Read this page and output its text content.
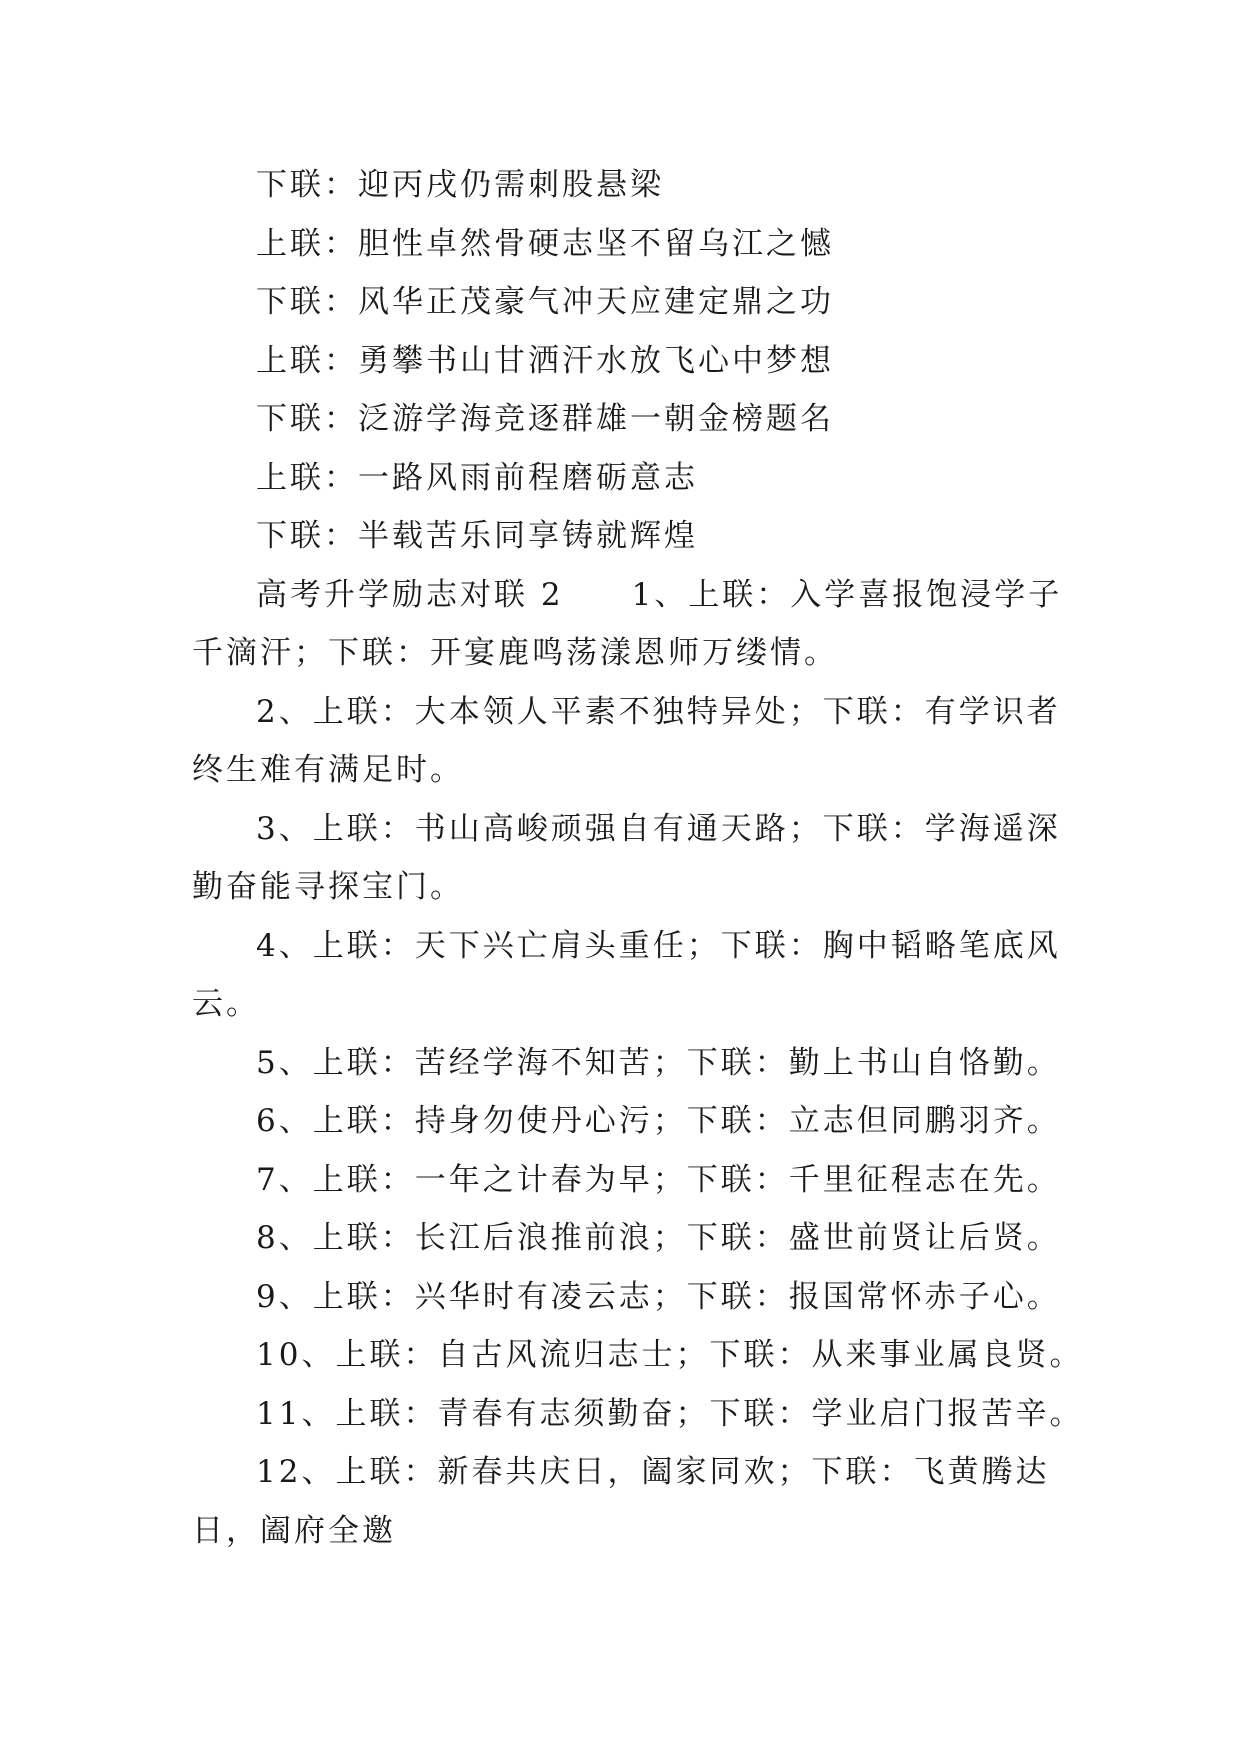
下联：迎丙戌仍需刺股悬梁

上联：胆性卓然骨硬志坚不留乌江之憾

下联：风华正茂豪气冲天应建定鼎之功

上联：勇攀书山甘洒汗水放飞心中梦想

下联：泛游学海竞逐群雄一朝金榜题名

上联：一路风雨前程磨砺意志

下联：半载苦乐同享铸就辉煌

高考升学励志对联 2　　1、上联：入学喜报饱浸学子千滴汗；下联：开宴鹿鸣荡漾恩师万缕情。

2、上联：大本领人平素不独特异处；下联：有学识者终生难有满足时。

3、上联：书山高峻顽强自有通天路；下联：学海遥深勤奋能寻探宝门。

4、上联：天下兴亡肩头重任；下联：胸中韬略笔底风云。

5、上联：苦经学海不知苦；下联：勤上书山自恪勤。

6、上联：持身勿使丹心污；下联：立志但同鹏羽齐。

7、上联：一年之计春为早；下联：千里征程志在先。

8、上联：长江后浪推前浪；下联：盛世前贤让后贤。

9、上联：兴华时有凌云志；下联：报国常怀赤子心。

10、上联：自古风流归志士；下联：从来事业属良贤。

11、上联：青春有志须勤奋；下联：学业启门报苦辛。

12、上联：新春共庆日，阖家同欢；下联：飞黄腾达日，阖府全邀
